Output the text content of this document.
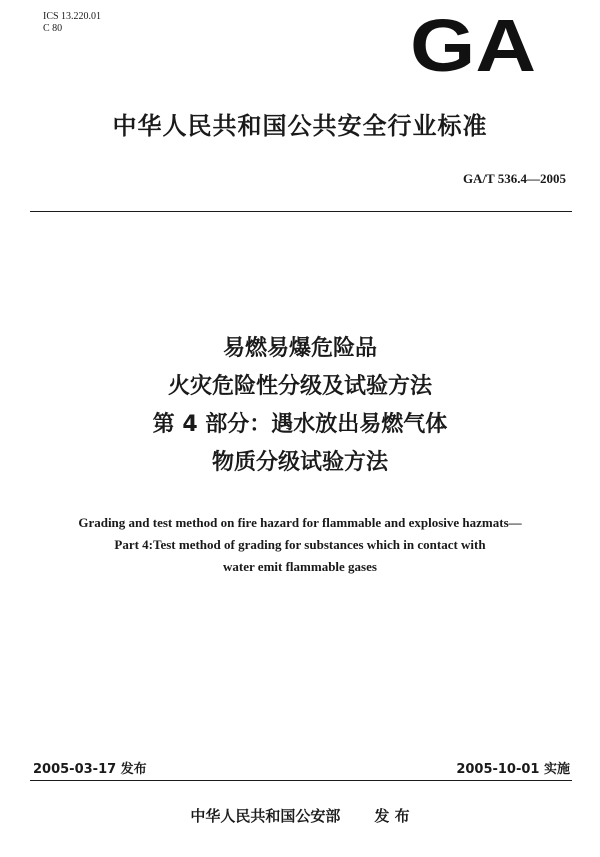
ICS 13.220.01
C 80	GA
中华人民共和国公共安全行业标准
GA/T 536.4—2005
易燃易爆危险品
火灾危险性分级及试验方法
第 4 部分：遇水放出易燃气体
物质分级试验方法
Grading and test method on fire hazard for flammable and explosive hazmats—
Part 4:Test method of grading for substances which in contact with
water emit flammable gases
2005-03-17 发布	2005-10-01 实施
中华人民共和国公安部 发 布
